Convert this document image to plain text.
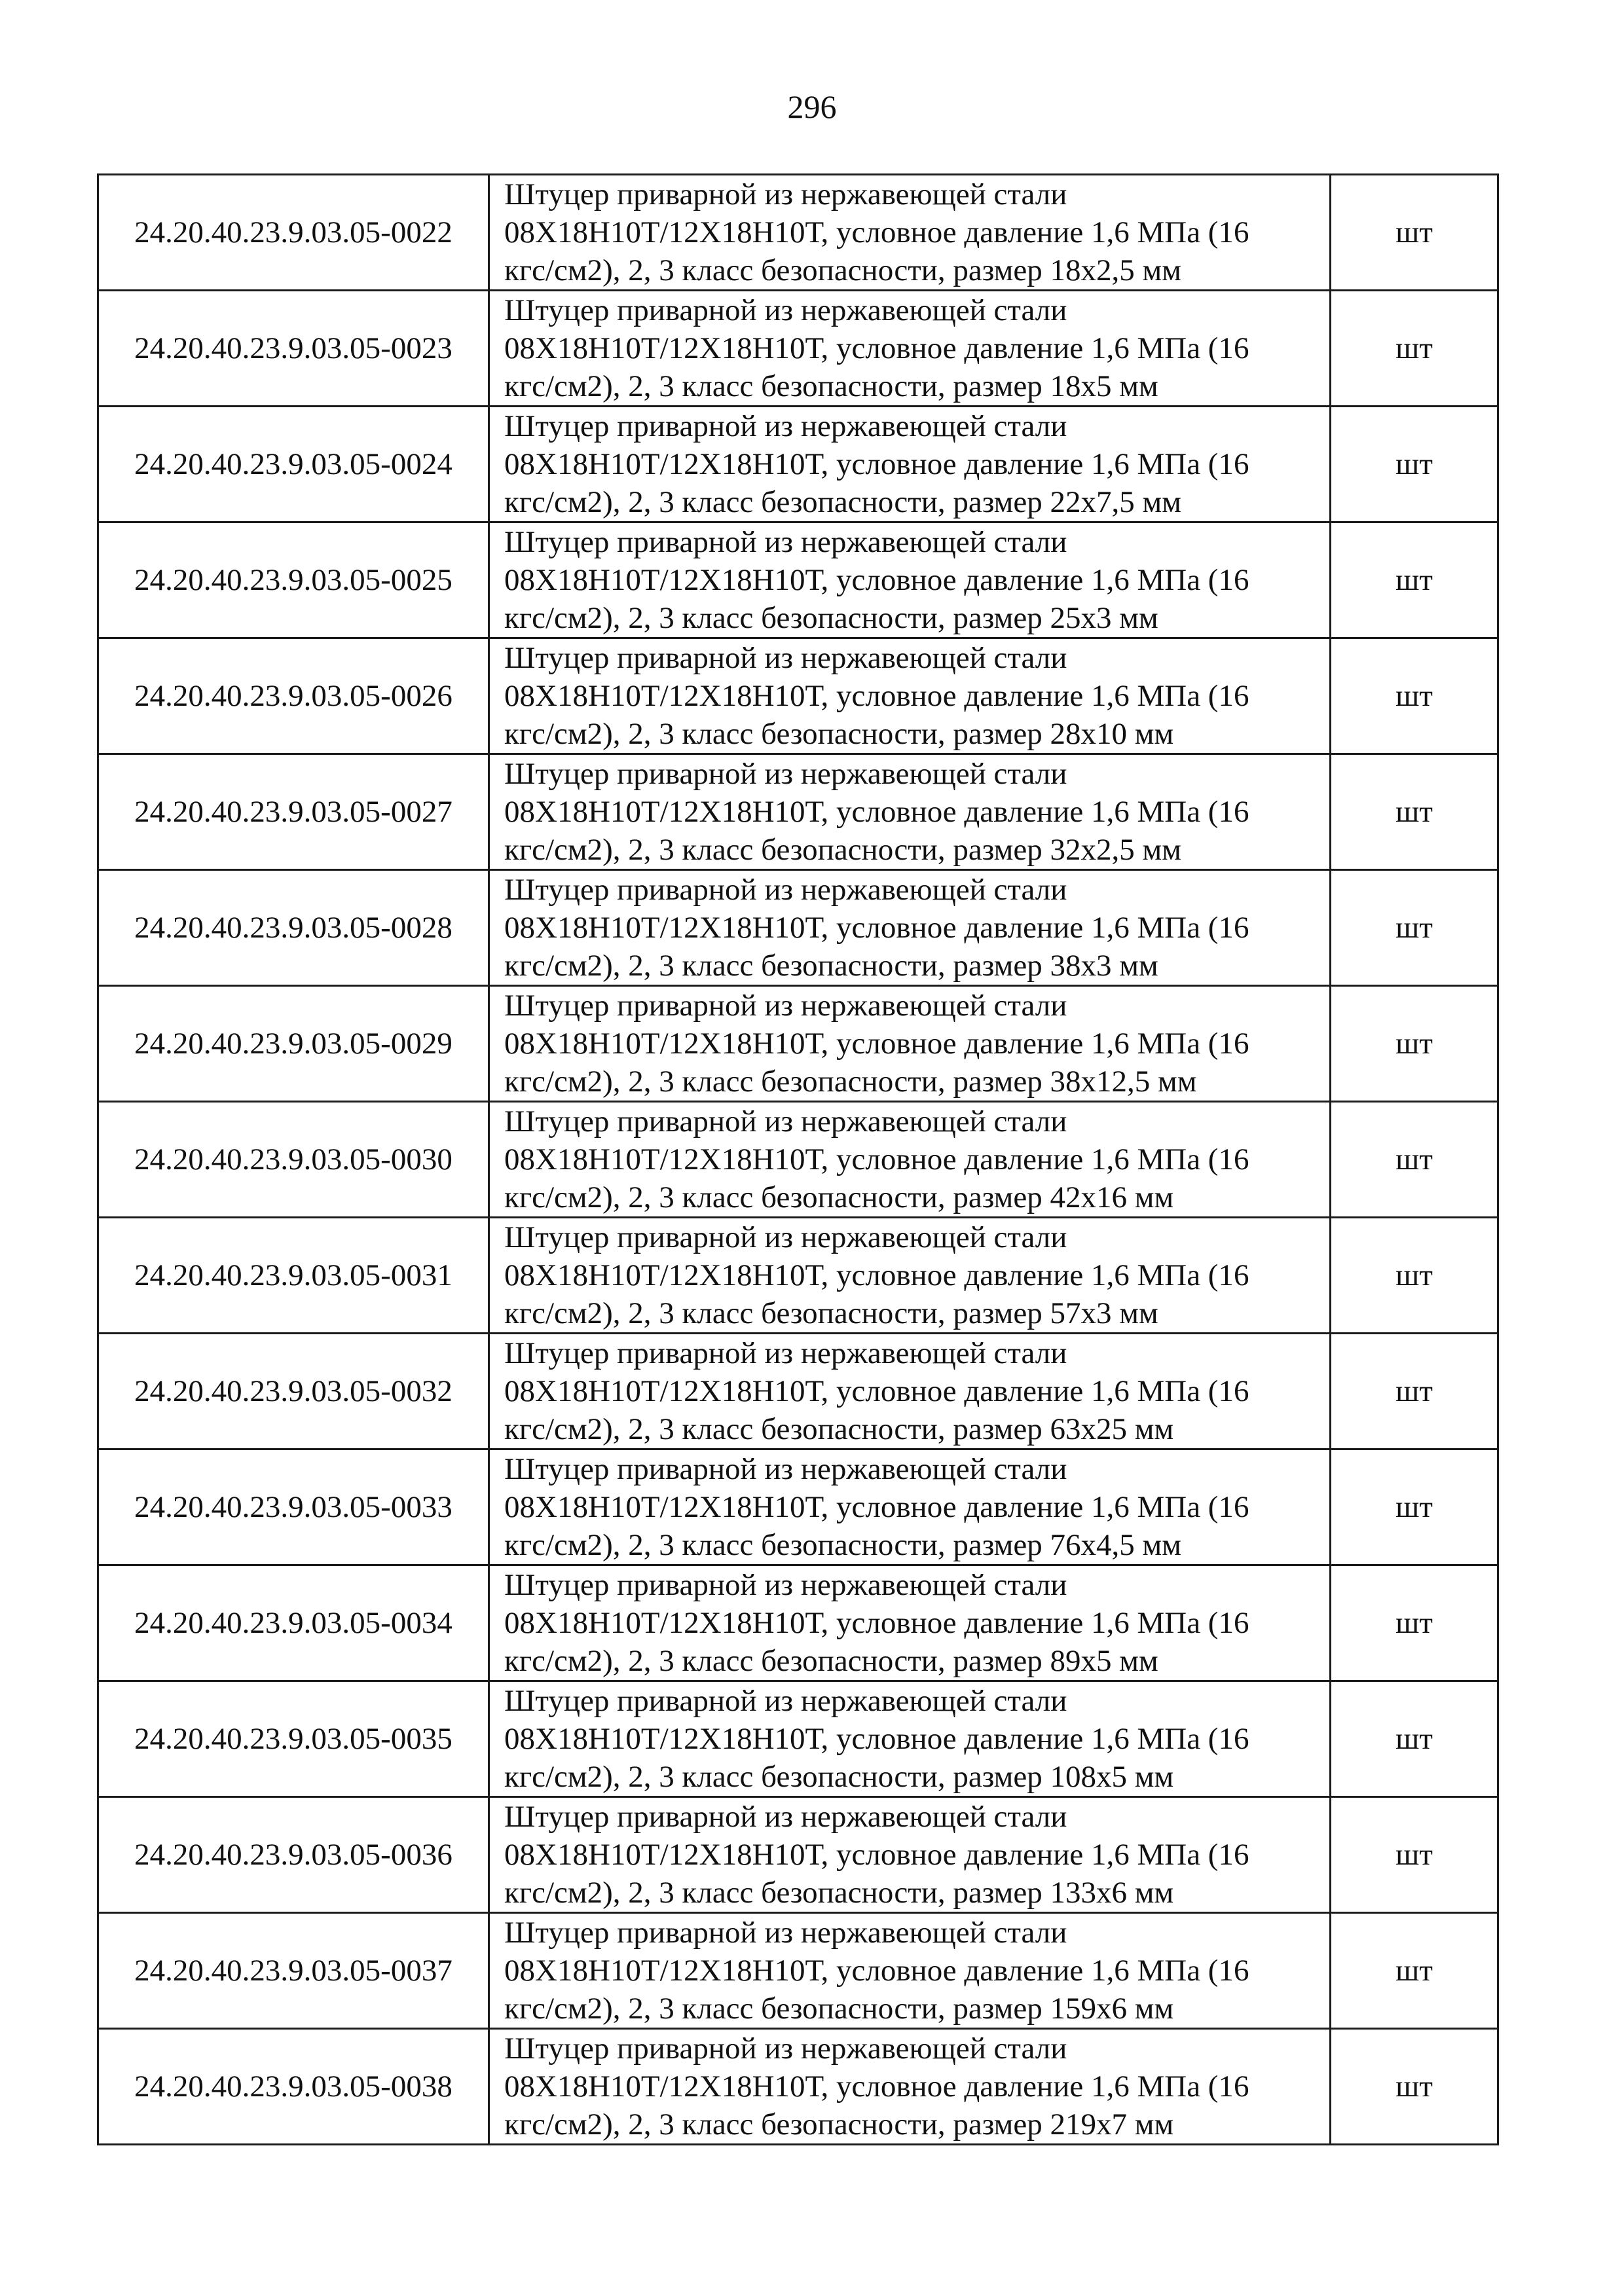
296
24.20.40.23.9.03.05-0022	Штуцер приварной из нержавеющей стали
08Х18Н10Т/12Х18Н10Т, условное давление 1,6 МПа (16
кгс/см2), 2, 3 класс безопасности, размер 18х2,5 мм	шт
24.20.40.23.9.03.05-0023	Штуцер приварной из нержавеющей стали
08Х18Н10Т/12Х18Н10Т, условное давление 1,6 МПа (16
кгс/см2), 2, 3 класс безопасности, размер 18х5 мм	шт
24.20.40.23.9.03.05-0024	Штуцер приварной из нержавеющей стали
08Х18Н10Т/12Х18Н10Т, условное давление 1,6 МПа (16
кгс/см2), 2, 3 класс безопасности, размер 22х7,5 мм	шт
24.20.40.23.9.03.05-0025	Штуцер приварной из нержавеющей стали
08Х18Н10Т/12Х18Н10Т, условное давление 1,6 МПа (16
кгс/см2), 2, 3 класс безопасности, размер 25х3 мм	шт
24.20.40.23.9.03.05-0026	Штуцер приварной из нержавеющей стали
08Х18Н10Т/12Х18Н10Т, условное давление 1,6 МПа (16
кгс/см2), 2, 3 класс безопасности, размер 28х10 мм	шт
24.20.40.23.9.03.05-0027	Штуцер приварной из нержавеющей стали
08Х18Н10Т/12Х18Н10Т, условное давление 1,6 МПа (16
кгс/см2), 2, 3 класс безопасности, размер 32х2,5 мм	шт
24.20.40.23.9.03.05-0028	Штуцер приварной из нержавеющей стали
08Х18Н10Т/12Х18Н10Т, условное давление 1,6 МПа (16
кгс/см2), 2, 3 класс безопасности, размер 38х3 мм	шт
24.20.40.23.9.03.05-0029	Штуцер приварной из нержавеющей стали
08Х18Н10Т/12Х18Н10Т, условное давление 1,6 МПа (16
кгс/см2), 2, 3 класс безопасности, размер 38х12,5 мм	шт
24.20.40.23.9.03.05-0030	Штуцер приварной из нержавеющей стали
08Х18Н10Т/12Х18Н10Т, условное давление 1,6 МПа (16
кгс/см2), 2, 3 класс безопасности, размер 42х16 мм	шт
24.20.40.23.9.03.05-0031	Штуцер приварной из нержавеющей стали
08Х18Н10Т/12Х18Н10Т, условное давление 1,6 МПа (16
кгс/см2), 2, 3 класс безопасности, размер 57х3 мм	шт
24.20.40.23.9.03.05-0032	Штуцер приварной из нержавеющей стали
08Х18Н10Т/12Х18Н10Т, условное давление 1,6 МПа (16
кгс/см2), 2, 3 класс безопасности, размер 63х25 мм	шт
24.20.40.23.9.03.05-0033	Штуцер приварной из нержавеющей стали
08Х18Н10Т/12Х18Н10Т, условное давление 1,6 МПа (16
кгс/см2), 2, 3 класс безопасности, размер 76х4,5 мм	шт
24.20.40.23.9.03.05-0034	Штуцер приварной из нержавеющей стали
08Х18Н10Т/12Х18Н10Т, условное давление 1,6 МПа (16
кгс/см2), 2, 3 класс безопасности, размер 89х5 мм	шт
24.20.40.23.9.03.05-0035	Штуцер приварной из нержавеющей стали
08Х18Н10Т/12Х18Н10Т, условное давление 1,6 МПа (16
кгс/см2), 2, 3 класс безопасности, размер 108х5 мм	шт
24.20.40.23.9.03.05-0036	Штуцер приварной из нержавеющей стали
08Х18Н10Т/12Х18Н10Т, условное давление 1,6 МПа (16
кгс/см2), 2, 3 класс безопасности, размер 133х6 мм	шт
24.20.40.23.9.03.05-0037	Штуцер приварной из нержавеющей стали
08Х18Н10Т/12Х18Н10Т, условное давление 1,6 МПа (16
кгс/см2), 2, 3 класс безопасности, размер 159х6 мм	шт
24.20.40.23.9.03.05-0038	Штуцер приварной из нержавеющей стали
08Х18Н10Т/12Х18Н10Т, условное давление 1,6 МПа (16
кгс/см2), 2, 3 класс безопасности, размер 219х7 мм	шт
